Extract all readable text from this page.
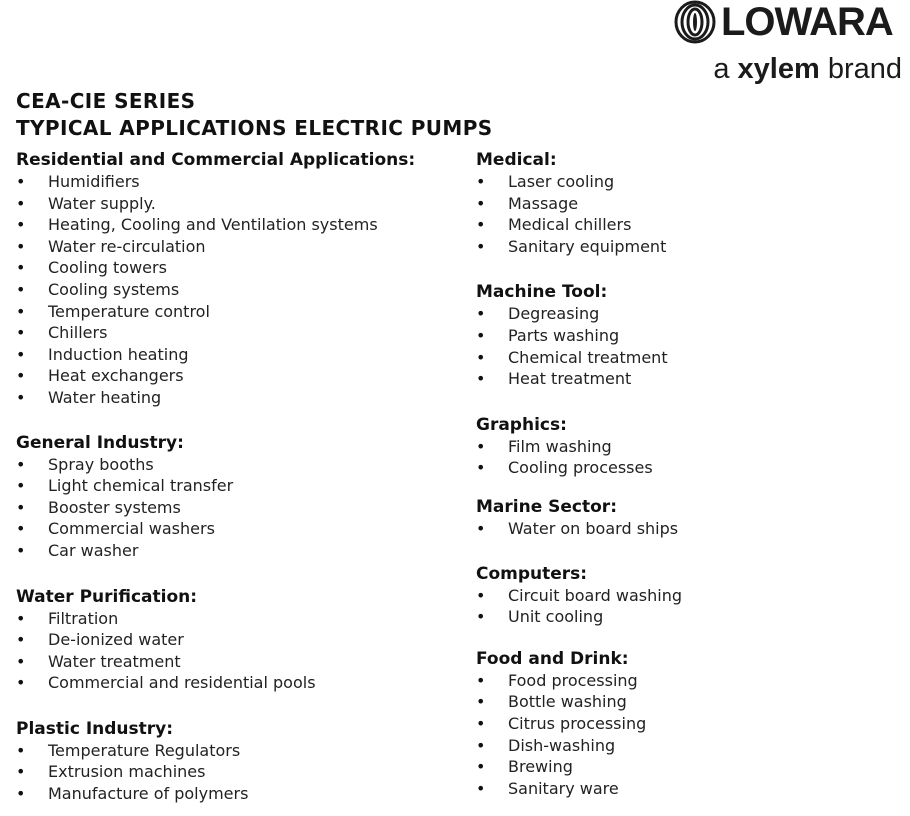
LOWARA
a xylem brand
CEA-CIE SERIES
TYPICAL APPLICATIONS ELECTRIC PUMPS
Residential and Commercial Applications:
• Humidifiers
• Water supply.
• Heating, Cooling and Ventilation systems
• Water re-circulation
• Cooling towers
• Cooling systems
• Temperature control
• Chillers
• Induction heating
• Heat exchangers
• Water heating
General Industry:
• Spray booths
• Light chemical transfer
• Booster systems
• Commercial washers
• Car washer
Water Purification:
• Filtration
• De-ionized water
• Water treatment
• Commercial and residential pools
Plastic Industry:
• Temperature Regulators
• Extrusion machines
• Manufacture of polymers
Medical:
• Laser cooling
• Massage
• Medical chillers
• Sanitary equipment
Machine Tool:
• Degreasing
• Parts washing
• Chemical treatment
• Heat treatment
Graphics:
• Film washing
• Cooling processes
Marine Sector:
• Water on board ships
Computers:
• Circuit board washing
• Unit cooling
Food and Drink:
• Food processing
• Bottle washing
• Citrus processing
• Dish-washing
• Brewing
• Sanitary ware
